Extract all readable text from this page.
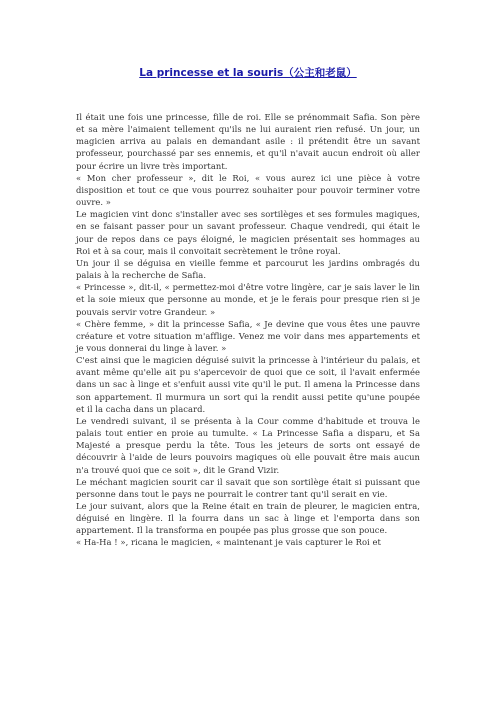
La princesse et la souris（公主和老鼠）

Il était une fois une princesse, fille de roi. Elle se prénommait Safia. Son père et sa mère l'aimaient tellement qu'ils ne lui auraient rien refusé. Un jour, un magicien arriva au palais en demandant asile : il prétendit être un savant professeur, pourchassé par ses ennemis, et qu'il n'avait aucun endroit où aller pour écrire un livre très important.

« Mon cher professeur », dit le Roi, « vous aurez ici une pièce à votre disposition et tout ce que vous pourrez souhaiter pour pouvoir terminer votre ouvre. »

Le magicien vint donc s'installer avec ses sortilèges et ses formules magiques, en se faisant passer pour un savant professeur. Chaque vendredi, qui était le jour de repos dans ce pays éloigné, le magicien présentait ses hommages au Roi et à sa cour, mais il convoitait secrètement le trône royal.

Un jour il se déguisa en vieille femme et parcourut les jardins ombragés du palais à la recherche de Safia.

« Princesse », dit-il, « permettez-moi d'être votre lingère, car je sais laver le lin et la soie mieux que personne au monde, et je le ferais pour presque rien si je pouvais servir votre Grandeur. »

« Chère femme, » dit la princesse Safia, « Je devine que vous êtes une pauvre créature et votre situation m'afflige. Venez me voir dans mes appartements et je vous donnerai du linge à laver. »

C'est ainsi que le magicien déguisé suivit la princesse à l'intérieur du palais, et avant même qu'elle ait pu s'apercevoir de quoi que ce soit, il l'avait enfermée dans un sac à linge et s'enfuit aussi vite qu'il le put. Il amena la Princesse dans son appartement. Il murmura un sort qui la rendit aussi petite qu'une poupée et il la cacha dans un placard.

Le vendredi suivant, il se présenta à la Cour comme d'habitude et trouva le palais tout entier en proie au tumulte. « La Princesse Safia a disparu, et Sa Majesté a presque perdu la tête. Tous les jeteurs de sorts ont essayé de découvrir à l'aide de leurs pouvoirs magiques où elle pouvait être mais aucun n'a trouvé quoi que ce soit », dit le Grand Vizir.

Le méchant magicien sourit car il savait que son sortilège était si puissant que personne dans tout le pays ne pourrait le contrer tant qu'il serait en vie.

Le jour suivant, alors que la Reine était en train de pleurer, le magicien entra, déguisé en lingère. Il la fourra dans un sac à linge et l'emporta dans son appartement. Il la transforma en poupée pas plus grosse que son pouce.

« Ha-Ha ! », ricana le magicien, « maintenant je vais capturer le Roi et
